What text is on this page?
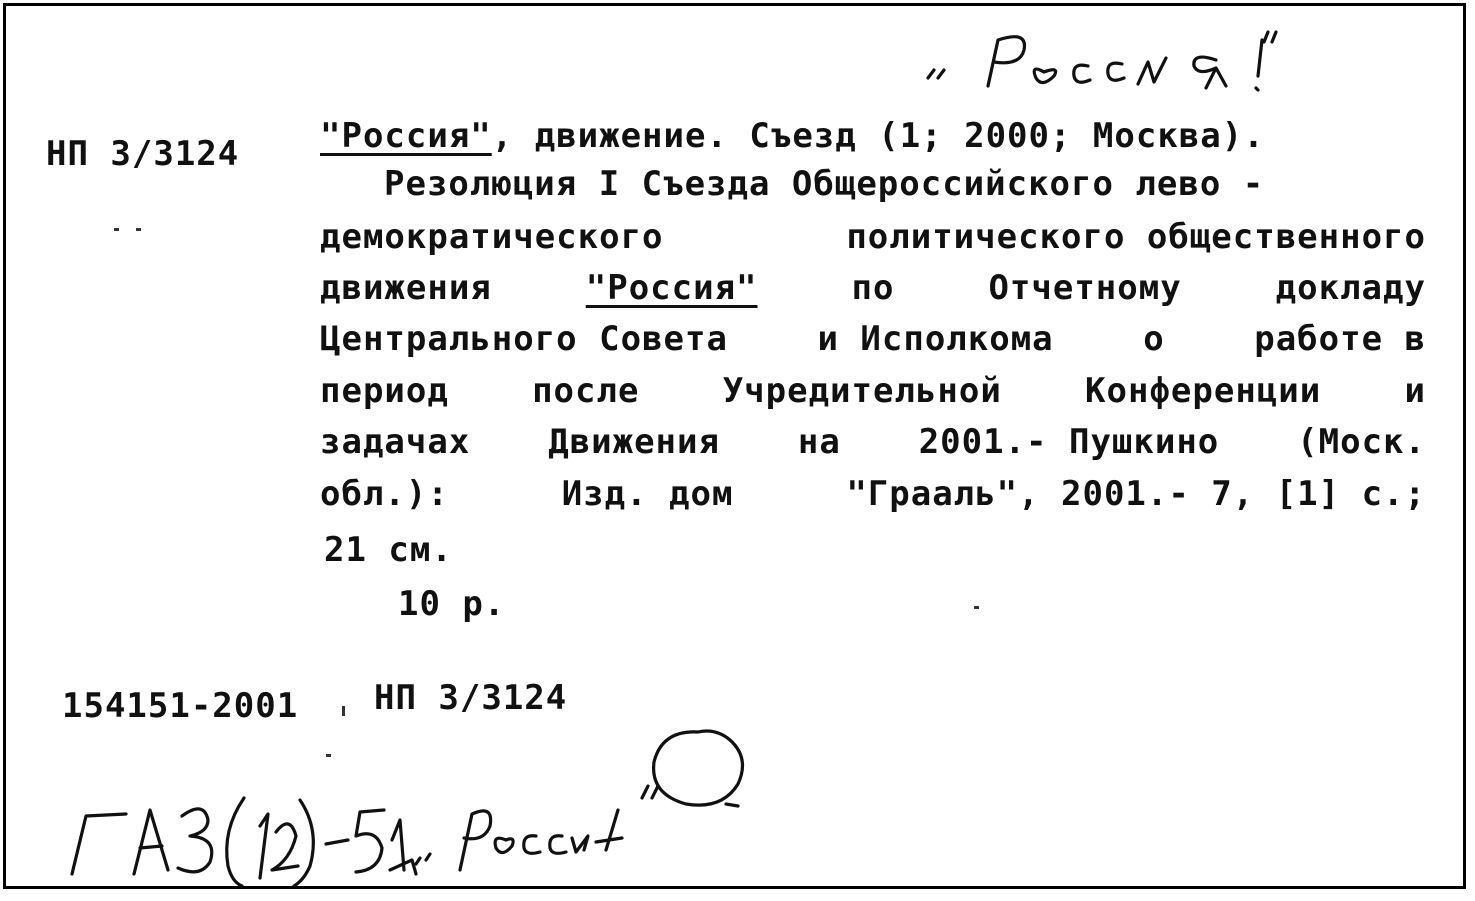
НП 3/3124 "Россия", движение. Съезд (1; 2000; Москва).
Резолюция I Съезда Общероссийского лево -
демократического	политического общественного
движения	"Россия"	по	Отчетному	докладу
Центрального Совета	и Исполкома	о	работе в
период после Учредительной Конференции и
задачах Движения на 2001.- Пушкино (Моск.
обл.):	Изд. дом	"Грааль", 2001.- 7, [1] с.;
21 см.
10 р.
154151-2001 НП 3/3124
